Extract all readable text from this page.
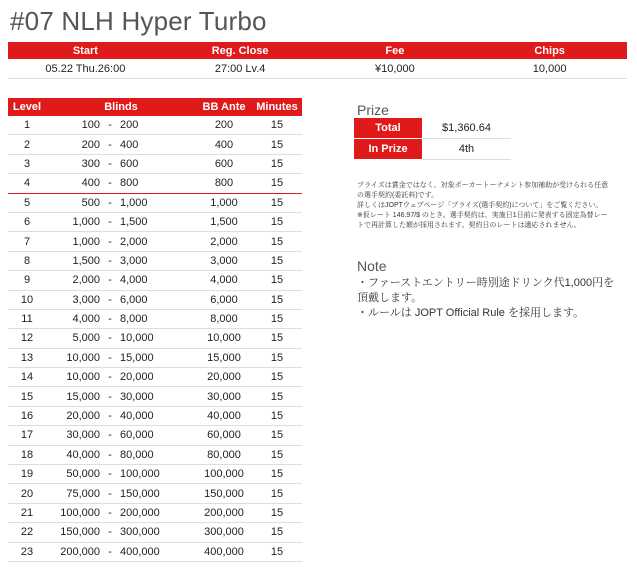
#07 NLH Hyper Turbo
Start	Reg. Close	Fee	Chips
05.22 Thu.26:00	27:00 Lv.4	¥10,000	10,000
Level	Blinds	BB Ante	Minutes
1	100 - 200	200	15
2	200 - 400	400	15
3	300 - 600	600	15
4	400 - 800	800	15
5	500 - 1,000	1,000	15
6	1,000 - 1,500	1,500	15
7	1,000 - 2,000	2,000	15
8	1,500 - 3,000	3,000	15
9	2,000 - 4,000	4,000	15
10	3,000 - 6,000	6,000	15
11	4,000 - 8,000	8,000	15
12	5,000 - 10,000	10,000	15
13	10,000 - 15,000	15,000	15
14	10,000 - 20,000	20,000	15
15	15,000 - 30,000	30,000	15
16	20,000 - 40,000	40,000	15
17	30,000 - 60,000	60,000	15
18	40,000 - 80,000	80,000	15
19	50,000 - 100,000	100,000	15
20	75,000 - 150,000	150,000	15
21	100,000 - 200,000	200,000	15
22	150,000 - 300,000	300,000	15
23	200,000 - 400,000	400,000	15
Prize
Total	$1,360.64
In Prize	4th
プライズは賞金ではなく、対象ポーカートーナメント参加補助が受けられる任意の選手契約(委託料)です。
詳しくはJOPTウェブページ「プライズ(選手契約)について」をご覧ください。
※仮レート 146.97/$ のとき。選手契約は、実施日1日前に発表する固定為替レートで再計算した額が採用されます。契約日のレートは適応されません。
Note
・ファーストエントリー時別途ドリンク代1,000円を頂戴します。
・ルールは JOPT Official Rule を採用します。
